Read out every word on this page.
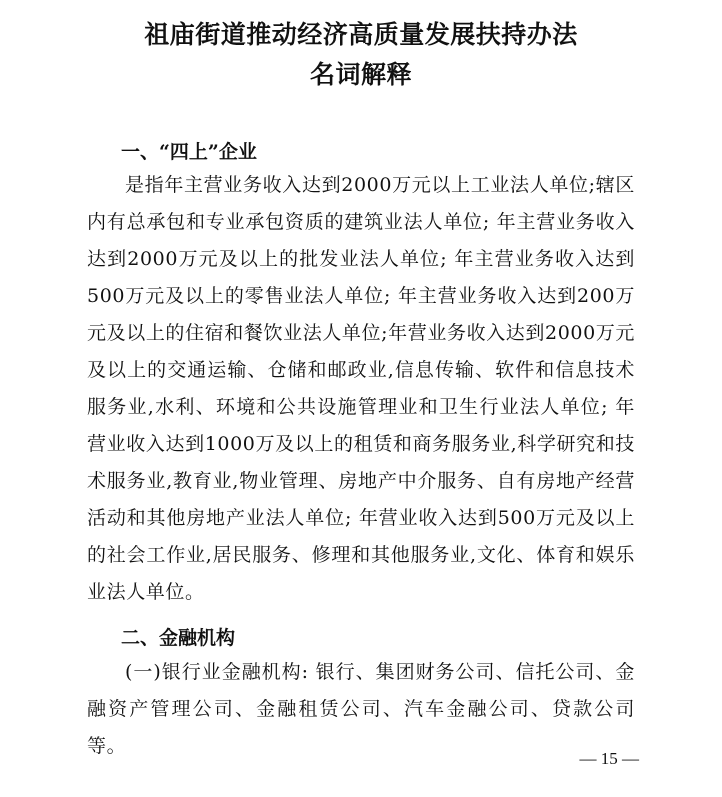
祖庙街道推动经济高质量发展扶持办法
名词解释
一、“四上”企业

是指年主营业务收入达到2000万元以上工业法人单位;辖区内有总承包和专业承包资质的建筑业法人单位; 年主营业务收入达到2000万元及以上的批发业法人单位; 年主营业务收入达到500万元及以上的零售业法人单位; 年主营业务收入达到200万元及以上的住宿和餐饮业法人单位;年营业务收入达到2000万元及以上的交通运输、仓储和邮政业,信息传输、软件和信息技术服务业,水利、环境和公共设施管理业和卫生行业法人单位; 年营业收入达到1000万及以上的租赁和商务服务业,科学研究和技术服务业,教育业,物业管理、房地产中介服务、自有房地产经营活动和其他房地产业法人单位; 年营业收入达到500万元及以上的社会工作业,居民服务、修理和其他服务业,文化、体育和娱乐业法人单位。

二、金融机构

(一)银行业金融机构: 银行、集团财务公司、信托公司、金融资产管理公司、金融租赁公司、汽车金融公司、贷款公司等。

— 15 —
